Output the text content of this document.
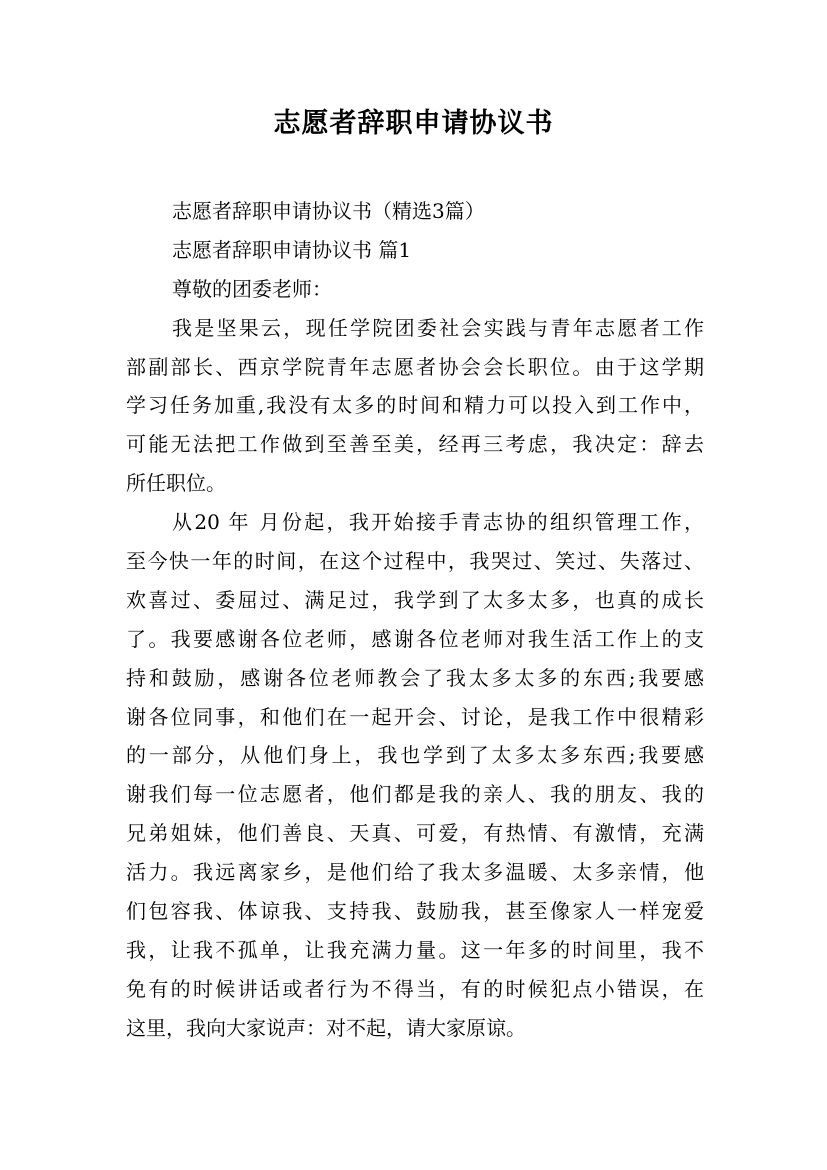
志愿者辞职申请协议书
志愿者辞职申请协议书（精选3篇）
志愿者辞职申请协议书 篇1
尊敬的团委老师：
我是坚果云，现任学院团委社会实践与青年志愿者工作
部副部长、西京学院青年志愿者协会会长职位。由于这学期
学习任务加重,我没有太多的时间和精力可以投入到工作中，
可能无法把工作做到至善至美，经再三考虑，我决定：辞去
所任职位。
从20 年 月份起，我开始接手青志协的组织管理工作，
至今快一年的时间，在这个过程中，我哭过、笑过、失落过、
欢喜过、委屈过、满足过，我学到了太多太多，也真的成长
了。我要感谢各位老师，感谢各位老师对我生活工作上的支
持和鼓励，感谢各位老师教会了我太多太多的东西;我要感
谢各位同事，和他们在一起开会、讨论，是我工作中很精彩
的一部分，从他们身上，我也学到了太多太多东西;我要感
谢我们每一位志愿者，他们都是我的亲人、我的朋友、我的
兄弟姐妹，他们善良、天真、可爱，有热情、有激情，充满
活力。我远离家乡，是他们给了我太多温暖、太多亲情，他
们包容我、体谅我、支持我、鼓励我，甚至像家人一样宠爱
我，让我不孤单，让我充满力量。这一年多的时间里，我不
免有的时候讲话或者行为不得当，有的时候犯点小错误，在
这里，我向大家说声：对不起，请大家原谅。
